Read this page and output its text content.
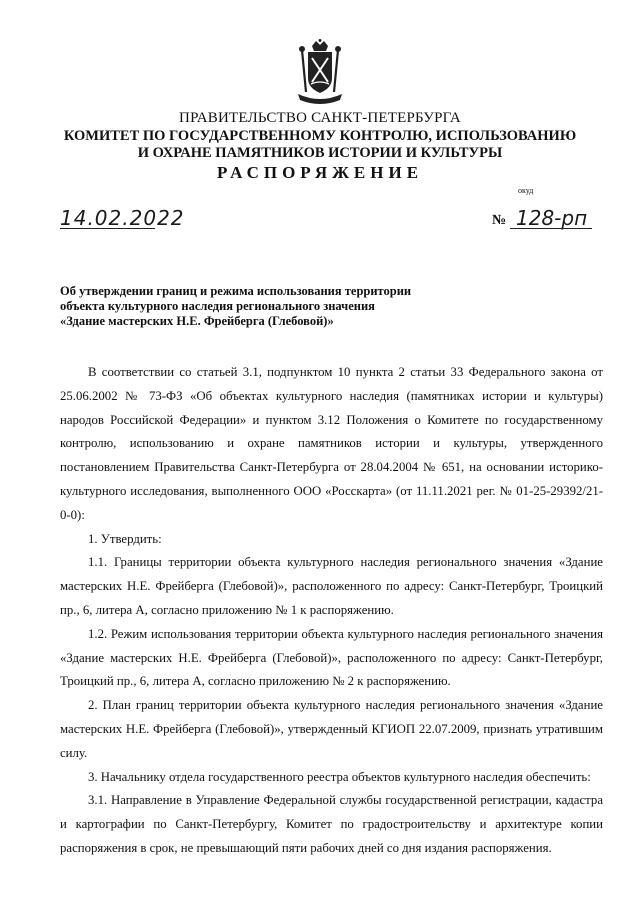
ПРАВИТЕЛЬСТВО САНКТ-ПЕТЕРБУРГА
КОМИТЕТ ПО ГОСУДАРСТВЕННОМУ КОНТРОЛЮ, ИСПОЛЬЗОВАНИЮ
И ОХРАНЕ ПАМЯТНИКОВ ИСТОРИИ И КУЛЬТУРЫ
РАСПОРЯЖЕНИЕ
окуд
14.02.2022	№ 128-рп
Об утверждении границ и режима использования территории
объекта культурного наследия регионального значения
«Здание мастерских Н.Е. Фрейберга (Глебовой)»

В соответствии со статьей 3.1, подпунктом 10 пункта 2 статьи 33 Федерального закона от 25.06.2002 № 73-ФЗ «Об объектах культурного наследия (памятниках истории и культуры) народов Российской Федерации» и пунктом 3.12 Положения о Комитете по государственному контролю, использованию и охране памятников истории и культуры, утвержденного постановлением Правительства Санкт-Петербурга от 28.04.2004 № 651, на основании историко-культурного исследования, выполненного ООО «Росскарта» (от 11.11.2021 рег. № 01-25-29392/21-0-0):

1. Утвердить:

1.1. Границы территории объекта культурного наследия регионального значения «Здание мастерских Н.Е. Фрейберга (Глебовой)», расположенного по адресу: Санкт-Петербург, Троицкий пр., 6, литера А, согласно приложению № 1 к распоряжению.

1.2. Режим использования территории объекта культурного наследия регионального значения «Здание мастерских Н.Е. Фрейберга (Глебовой)», расположенного по адресу: Санкт-Петербург, Троицкий пр., 6, литера А, согласно приложению № 2 к распоряжению.

2. План границ территории объекта культурного наследия регионального значения «Здание мастерских Н.Е. Фрейберга (Глебовой)», утвержденный КГИОП 22.07.2009, признать утратившим силу.

3. Начальнику отдела государственного реестра объектов культурного наследия обеспечить:

3.1. Направление в Управление Федеральной службы государственной регистрации, кадастра и картографии по Санкт-Петербургу, Комитет по градостроительству и архитектуре копии распоряжения в срок, не превышающий пяти рабочих дней со дня издания распоряжения.
